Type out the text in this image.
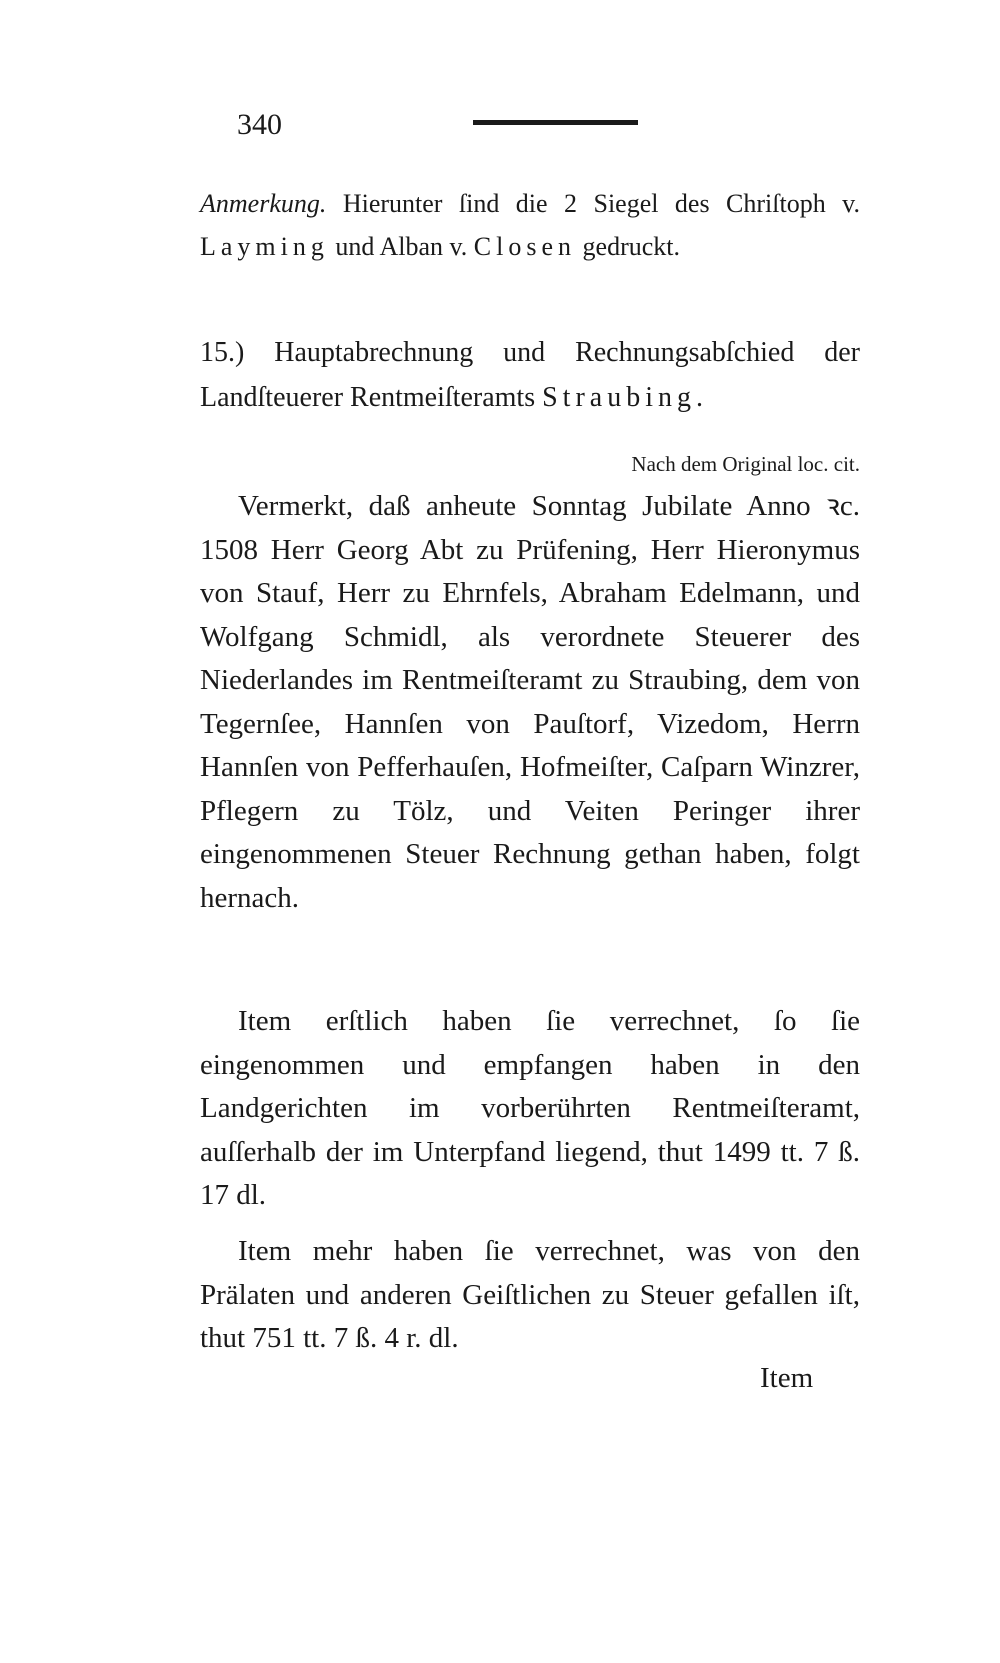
340
Anmerkung. Hierunter ſind die 2 Siegel des Chriſtoph v. Layming und Alban v. Closen gedruckt.
15.) Hauptabrechnung und Rechnungsabſchied der Landſteuerer Rentmeiſteramts Straubing.
Nach dem Original loc. cit.
Vermerkt, daß anheute Sonntag Jubilate Anno ꝛc. 1508 Herr Georg Abt zu Prüfening, Herr Hieronymus von Stauf, Herr zu Ehrnfels, Abraham Edelmann, und Wolfgang Schmidl, als verordnete Steuerer des Niederlandes im Rentmeiſteramt zu Straubing, dem von Tegernſee, Hannſen von Pauſtorf, Vizedom, Herrn Hannſen von Pefferhauſen, Hofmeiſter, Caſparn Winzrer, Pflegern zu Tölz, und Veiten Peringer ihrer eingenommenen Steuer Rechnung gethan haben, folgt hernach.
Item erſtlich haben ſie verrechnet, ſo ſie eingenommen und empfangen haben in den Landgerichten im vorberührten Rentmeiſteramt, auſſerhalb der im Unterpfand liegend, thut 1499 tt. 7 ß. 17 dl.
Item mehr haben ſie verrechnet, was von den Prälaten und anderen Geiſtlichen zu Steuer gefallen iſt, thut 751 tt. 7 ß. 4 r. dl.
Item
